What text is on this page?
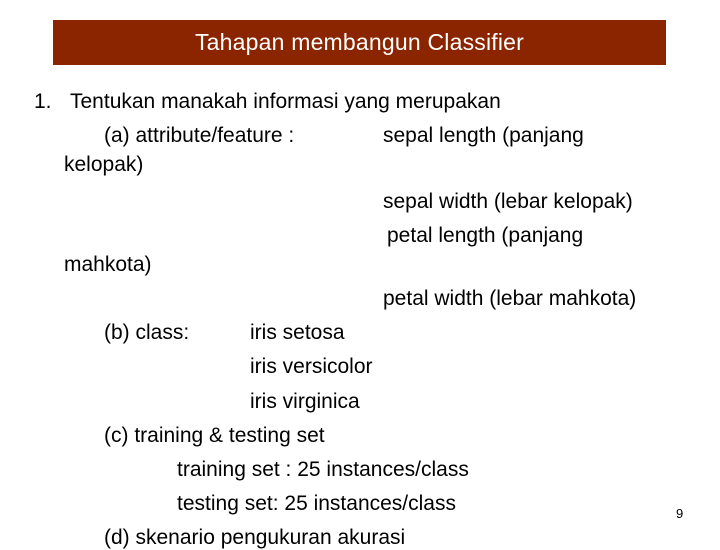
Tahapan membangun Classifier
1. Tentukan manakah informasi yang merupakan
(a) attribute/feature :	sepal length (panjang
kelopak)
sepal width (lebar kelopak)
petal length (panjang
mahkota)
petal width (lebar mahkota)
(b) class:	iris setosa
iris versicolor
iris virginica
(c) training & testing set
training set : 25 instances/class
testing set: 25 instances/class
(d) skenario pengukuran akurasi
9
